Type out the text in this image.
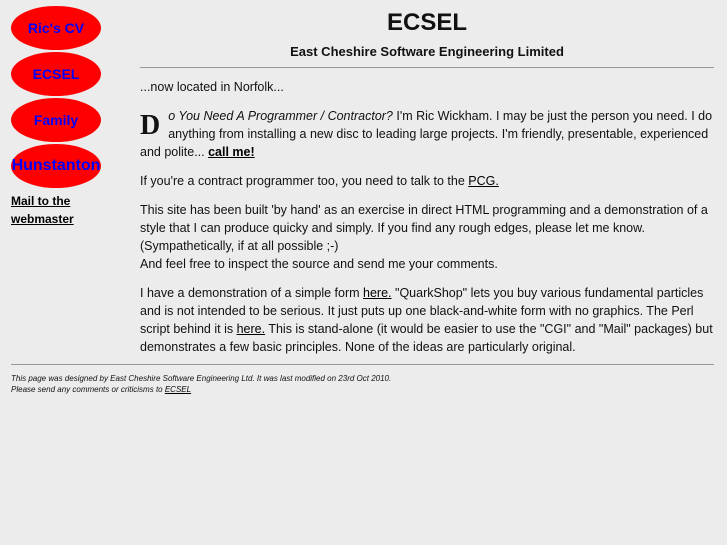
Ric's CV
ECSEL
Family
Hunstanton
Mail to the
webmaster
ECSEL
East Cheshire Software Engineering Limited

...now located in Norfolk...

Do You Need A Programmer / Contractor? I'm Ric Wickham. I may be just the person you need. I do anything from installing a new disc to leading large projects. I'm friendly, presentable, experienced and polite... call me!

If you're a contract programmer too, you need to talk to the PCG.

This site has been built 'by hand' as an exercise in direct HTML programming and a demonstration of a style that I can produce quicky and simply. If you find any rough edges, please let me know. (Sympathetically, if at all possible ;-)
And feel free to inspect the source and send me your comments.

I have a demonstration of a simple form here. "QuarkShop" lets you buy various fundamental particles and is not intended to be serious. It just puts up one black-and-white form with no graphics. The Perl script behind it is here. This is stand-alone (it would be easier to use the "CGI" and "Mail" packages) but demonstrates a few basic principles. None of the ideas are particularly original.

This page was designed by East Cheshire Software Engineering Ltd. It was last modified on 23rd Oct 2010.
Please send any comments or criticisms to ECSEL
